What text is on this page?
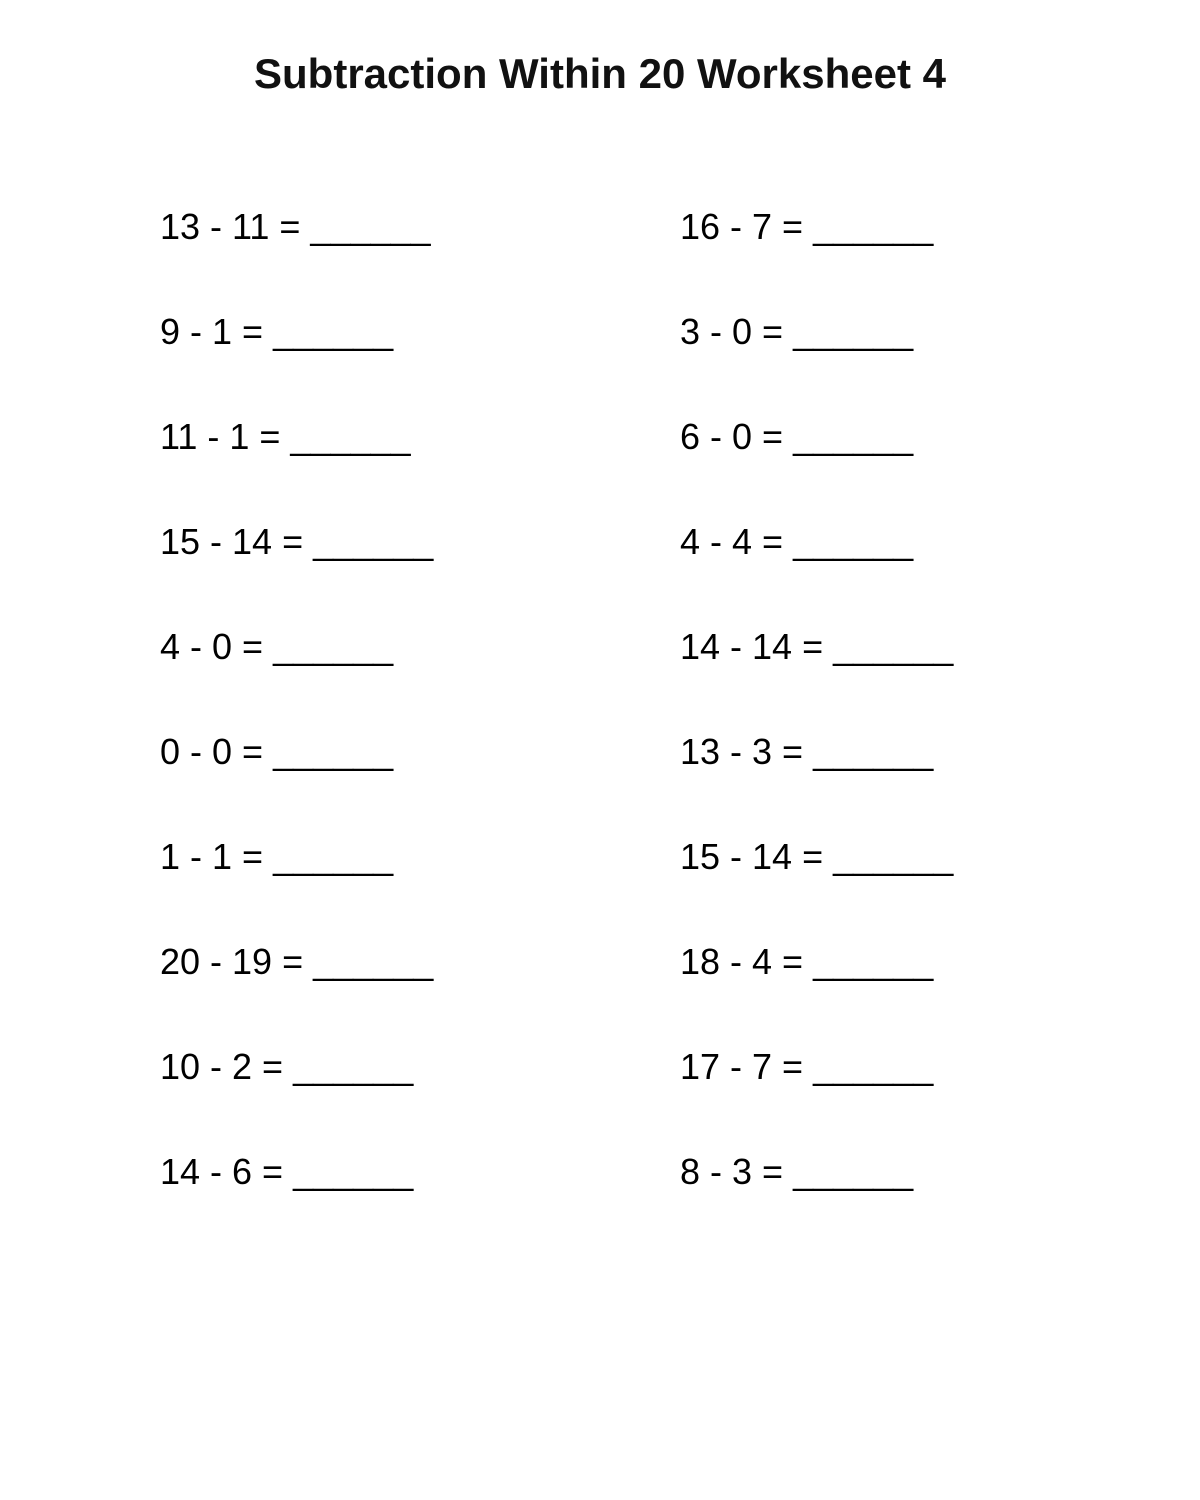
Subtraction Within 20 Worksheet 4
13 - 11 = ______
9 - 1 = ______
11 - 1 = ______
15 - 14 = ______
4 - 0 = ______
0 - 0 = ______
1 - 1 = ______
20 - 19 = ______
10 - 2 = ______
14 - 6 = ______
16 - 7 = ______
3 - 0 = ______
6 - 0 = ______
4 - 4 = ______
14 - 14 = ______
13 - 3 = ______
15 - 14 = ______
18 - 4 = ______
17 - 7 = ______
8 - 3 = ______
